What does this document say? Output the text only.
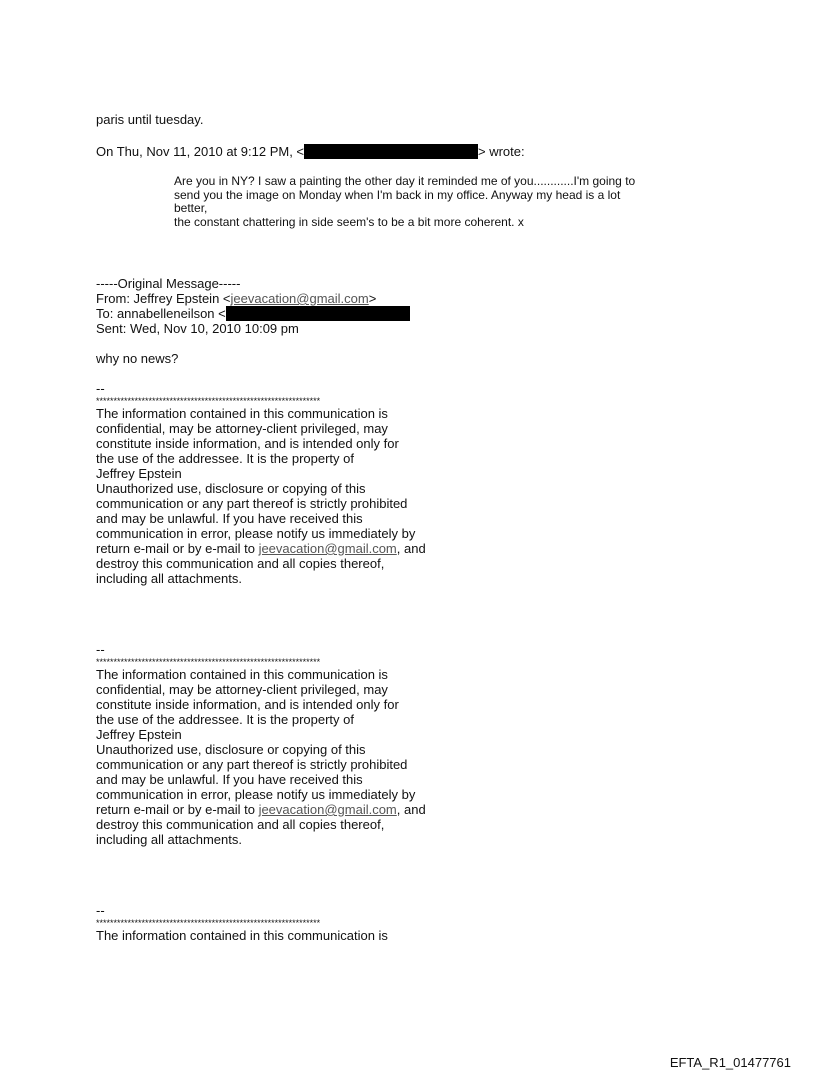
paris until tuesday.
On Thu, Nov 11, 2010 at 9:12 PM, <	> wrote:
Are you in NY? I saw a painting the other day it reminded me of you............I'm going to
send you the image on Monday when I'm back in my office. Anyway my head is a lot
better,
the constant chattering in side seem's to be a bit more coherent. x
-----Original Message-----
From: Jeffrey Epstein <jeevacation@gmail.com>
To: annabelleneilson <
Sent: Wed, Nov 10, 2010 10:09 pm
why no news?
--
****************************************************************
The information contained in this communication is
confidential, may be attorney-client privileged, may
constitute inside information, and is intended only for
the use of the addressee. It is the property of
Jeffrey Epstein
Unauthorized use, disclosure or copying of this
communication or any part thereof is strictly prohibited
and may be unlawful. If you have received this
communication in error, please notify us immediately by
return e-mail or by e-mail to jeevacation@gmail.com, and
destroy this communication and all copies thereof,
including all attachments.
--
****************************************************************
The information contained in this communication is
confidential, may be attorney-client privileged, may
constitute inside information, and is intended only for
the use of the addressee. It is the property of
Jeffrey Epstein
Unauthorized use, disclosure or copying of this
communication or any part thereof is strictly prohibited
and may be unlawful. If you have received this
communication in error, please notify us immediately by
return e-mail or by e-mail to jeevacation@gmail.com, and
destroy this communication and all copies thereof,
including all attachments.
--
****************************************************************
The information contained in this communication is
EFTA_R1_01477761
